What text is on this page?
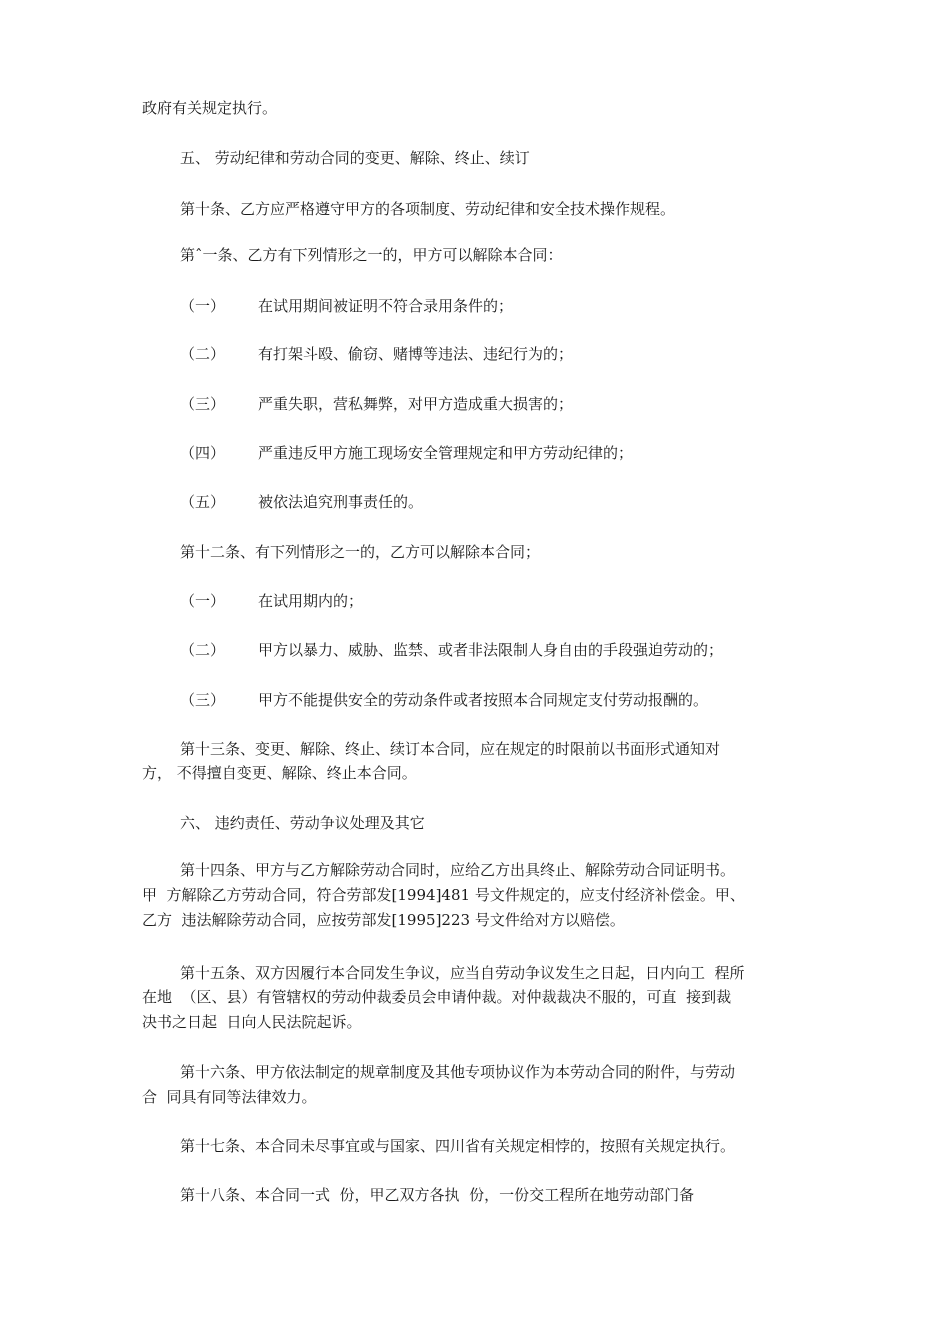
政府有关规定执行。
五、 劳动纪律和劳动合同的变更、解除、终止、续订
第十条、乙方应严格遵守甲方的各项制度、劳动纪律和安全技术操作规程。
第ˆ一条、乙方有下列情形之一的，甲方可以解除本合同：
（一） 在试用期间被证明不符合录用条件的；
（二） 有打架斗殴、偷窃、赌博等违法、违纪行为的；
（三） 严重失职，营私舞弊，对甲方造成重大损害的；
（四） 严重违反甲方施工现场安全管理规定和甲方劳动纪律的；
（五） 被依法追究刑事责任的。
第十二条、有下列情形之一的，乙方可以解除本合同；
（一） 在试用期内的；
（二） 甲方以暴力、威胁、监禁、或者非法限制人身自由的手段强迫劳动的；
（三） 甲方不能提供安全的劳动条件或者按照本合同规定支付劳动报酬的。
第十三条、变更、解除、终止、续订本合同，应在规定的时限前以书面形式通知对
方， 不得擅自变更、解除、终止本合同。
六、 违约责任、劳动争议处理及其它
第十四条、甲方与乙方解除劳动合同时，应给乙方出具终止、解除劳动合同证明书。
甲  方解除乙方劳动合同，符合劳部发[1994]481 号文件规定的，应支付经济补偿金。甲、
乙方  违法解除劳动合同，应按劳部发[1995]223 号文件给对方以赔偿。
第十五条、双方因履行本合同发生争议，应当自劳动争议发生之日起，日内向工  程所
在地  （区、县）有管辖权的劳动仲裁委员会申请仲裁。对仲裁裁决不服的，可直  接到裁
决书之日起  日向人民法院起诉。
第十六条、甲方依法制定的规章制度及其他专项协议作为本劳动合同的附件，与劳动
合  同具有同等法律效力。
第十七条、本合同未尽事宜或与国家、四川省有关规定相悖的，按照有关规定执行。
第十八条、本合同一式  份，甲乙双方各执  份，一份交工程所在地劳动部门备
